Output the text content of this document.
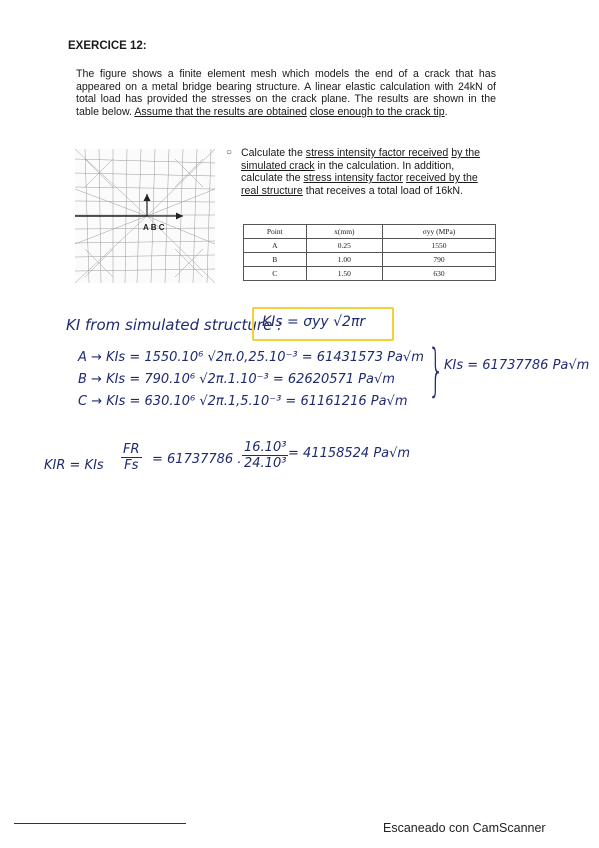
EXERCICE 12:
The figure shows a finite element mesh which models the end of a crack that has appeared on a metal bridge bearing structure. A linear elastic calculation with 24kN of total load has provided the stresses on the crack plane. The results are shown in the table below. Assume that the results are obtained close enough to the crack tip.
A B C
○ Calculate the stress intensity factor received by the simulated crack in the calculation. In addition, calculate the stress intensity factor received by the real structure that receives a total load of 16kN.
Point	x(mm)	σyy (MPa)
A	0.25	1550
B	1.00	790
C	1.50	630
KI from simulated structure :
KIs = σyy √2πr
A → KIs = 1550.10⁶ √2π.0,25.10⁻³ = 61431573 Pa√m
B → KIs = 790.10⁶ √2π.1.10⁻³ = 62620571 Pa√m
C → KIs = 630.10⁶ √2π.1,5.10⁻³ = 61161216 Pa√m } KIs = 61737786 Pa√m
KIR = KIs $\frac{FR}{Fs} = 61737786$ . $\frac{\text{16.10³}}{\text{24.10³}} = 41158524$ Pa√m
Escaneado con CamScanner
